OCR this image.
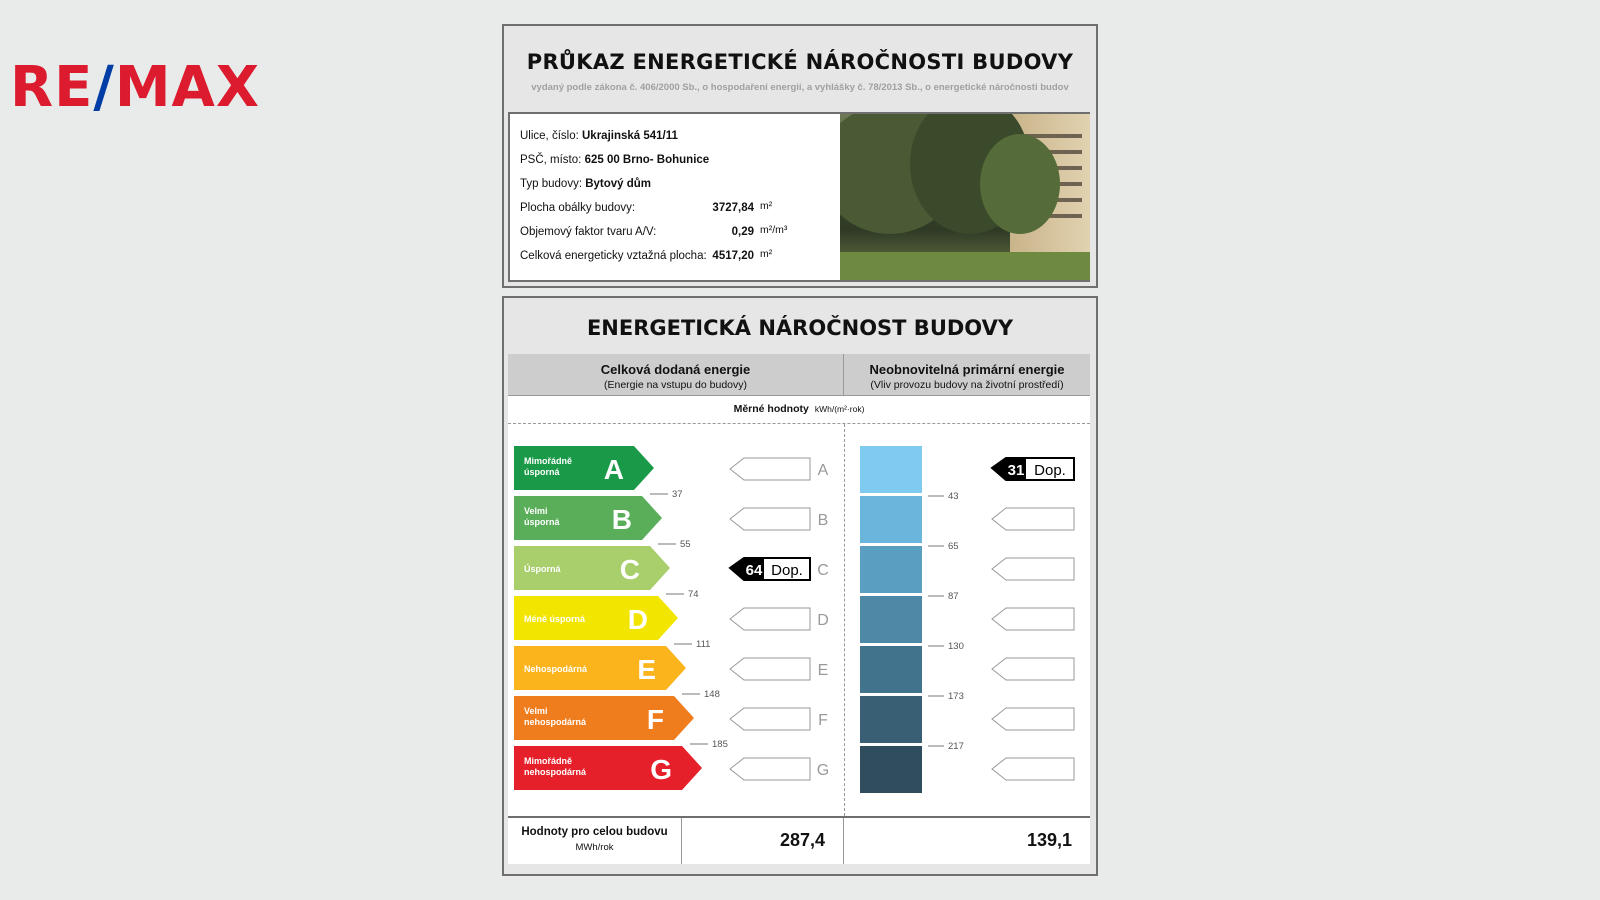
RE/MAX	PRŮKAZ ENERGETICKÉ NÁROČNOSTI BUDOVY
vydaný podle zákona č. 406/2000 Sb., o hospodaření energií, a vyhlášky č. 78/2013 Sb., o energetické náročnosti budov
Ulice, číslo: Ukrajinská 541/11
PSČ, místo: 625 00 Brno- Bohunice
Typ budovy: Bytový dům
Plocha obálky budovy:	3727,84 m²
Objemový faktor tvaru A/V:	0,29 m²/m³
Celková energeticky vztažná plocha: 4517,20 m²
ENERGETICKÁ NÁROČNOST BUDOVY
Celková dodaná energie
(Energie na vstupu do budovy)
Neobnovitelná primární energie
(Vliv provozu budovy na životní prostředí)
Měrné hodnoty kWh/(m²·rok)
Mimořádně
úsporná A	A	31 Dop.
Velmi
úsporná B	B
Úsporná C	64 Dop. C
Méně úsporná D	D
Nehospodárná E	E
Velmi
nehospodárná F	F
Mimořádně
nehospodárná G	G
37
55
74
111
148
185
43
65
87
130
173
217
Hodnoty pro celou budovu
MWh/rok	287,4	139,1
